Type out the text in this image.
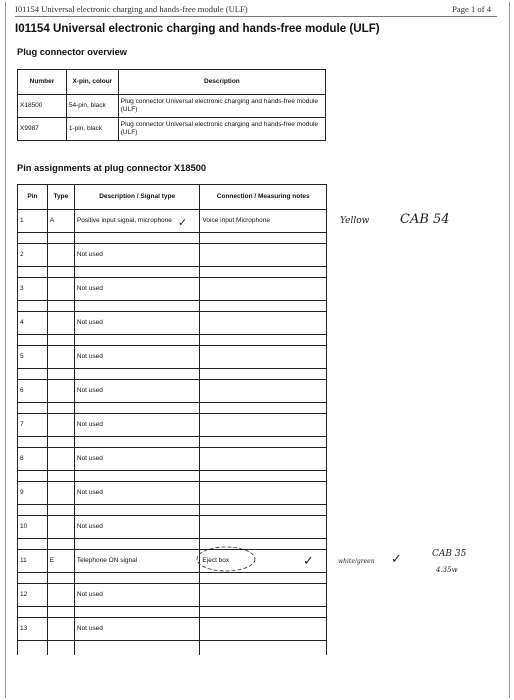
I01154 Universal electronic charging and hands-free module (ULF)	Page 1 of 4
I01154 Universal electronic charging and hands-free module (ULF)
Plug connector overview
Number	X-pin, colour	Description
X18500	54-pin, black	Plug connector Universal electronic charging and hands-free module (ULF)
X9987	1-pin, black	Plug connector Universal electronic charging and hands-free module (ULF)
Pin assignments at plug connector X18500
Pin	Type	Description / Signal type	Connection / Measuring notes
1	A	Positive input signal, microphone	Voice input Microphone

2		Not used	

3		Not used	

4		Not used	

5		Not used	

6		Not used	

7		Not used	

8		Not used	

9		Not used	

10		Not used	

11	E	Telephone ON signal	Eject box

12		Not used	

13		Not used	

✓	Yellow CAB 54
✓	white/green ✓	CAB 35
4.35w
